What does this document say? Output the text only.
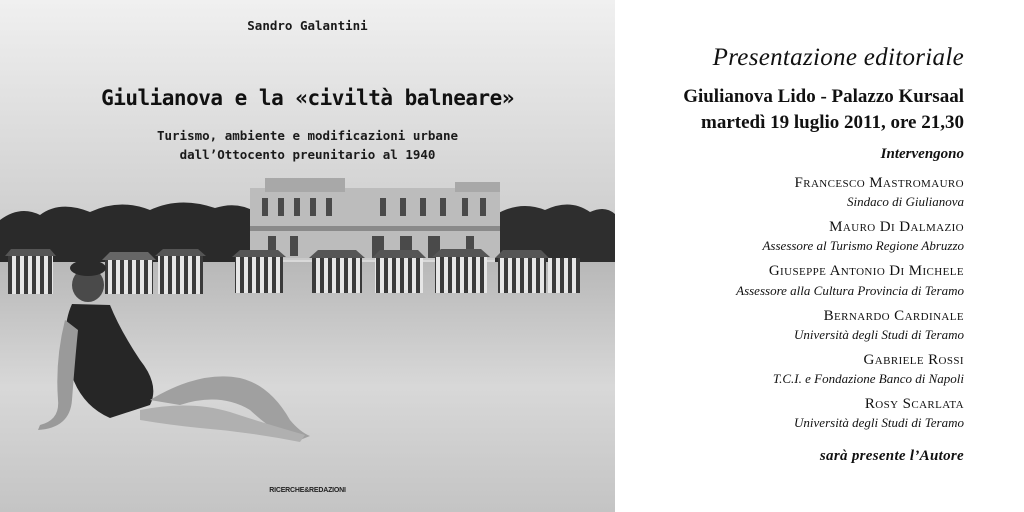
Sandro Galantini
Giulianova e la «civiltà balneare»
Turismo, ambiente e modificazioni urbane
dall’Ottocento preunitario al 1940
RICERCHE&REDAZIONI
Presentazione editoriale
Giulianova Lido - Palazzo Kursaal
martedì 19 luglio 2011, ore 21,30
Intervengono
Francesco Mastromauro
Sindaco di Giulianova
Mauro Di Dalmazio
Assessore al Turismo Regione Abruzzo
Giuseppe Antonio Di Michele
Assessore alla Cultura Provincia di Teramo
Bernardo Cardinale
Università degli Studi di Teramo
Gabriele Rossi
T.C.I. e Fondazione Banco di Napoli
Rosy Scarlata
Università degli Studi di Teramo
sarà presente l’Autore
